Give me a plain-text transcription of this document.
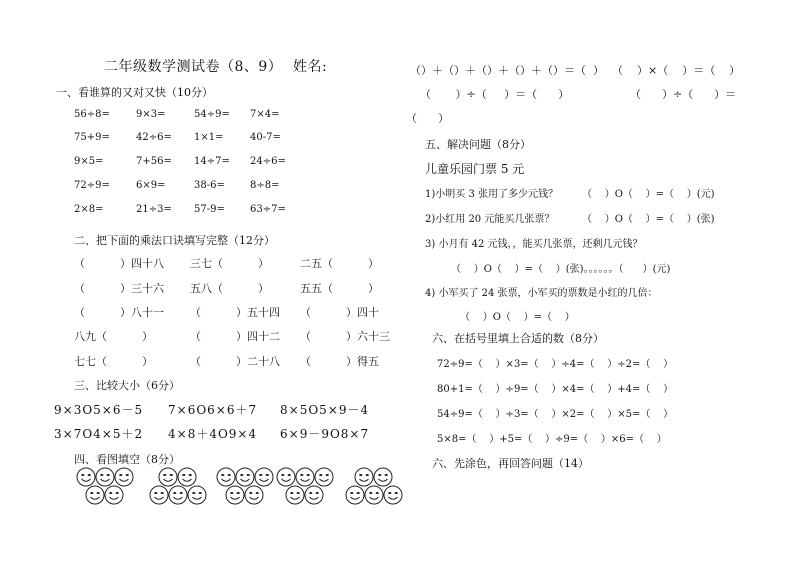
二年级数学测试卷（8、9） 姓名:
一、看谁算的又对又快（10分）
56÷8=	9×3=	54÷9= 7×4=
75+9=	42÷6= 1×1=	40-7=
9×5=	7+56= 14÷7= 24÷6=
72÷9=	6×9=	38-6=	8÷8=
2×8=	21÷3= 57-9=	63÷7=
二、把下面的乘法口诀填写完整（12分）
（          ）四十八 三七（          ）	二五（          ）
（          ）三十六 五八（          ）	五五（          ）
（          ）八十一 （          ）五十四 （          ）四十
八九（          ）	（          ）四十二 （          ）六十三
七七（          ）	（          ）二十八 （          ）得五
三、比较大小（6分）
9×3O5×6－5 7×6O6×6＋7 8×5O5×9－4
3×7O4×5＋2 4×8＋4O9×4 6×9－9O8×7
四、看图填空（8分）
（）＋（）＋（）＋（）＋（）＝（  ） （    ）×（    ）＝（    ）
（       ）÷（     ）＝（      ）	（      ）÷（      ）＝
（      ）
五、解决问题（8分）
儿童乐园门票 5 元
1)小明买 3 张用了多少元钱？ （    ）O（    ）=（    ）(元)
2)小红用 20 元能买几张票？	（    ）O（    ）=（    ）(张)
3) 小月有 42 元钱，，能买几张票，还剩几元钱？
（    ）O（    ）=（    ）(张)。。。。。。（      ）(元)
4) 小军买了 24 张票，小军买的票数是小红的几倍：
（    ）O（    ）=（    ）
六、在括号里填上合适的数（8分）
72÷9=（    ）×3=（    ）÷4=（    ）÷2=（    ）
80+1=（    ）÷9=（    ）×4=（    ）+4=（    ）
54÷9=（    ）÷3=（    ）×2=（    ）×5=（    ）
5×8=（    ）+5=（    ）÷9=（    ）×6=（    ）
六、先涂色，再回答问题（14）
